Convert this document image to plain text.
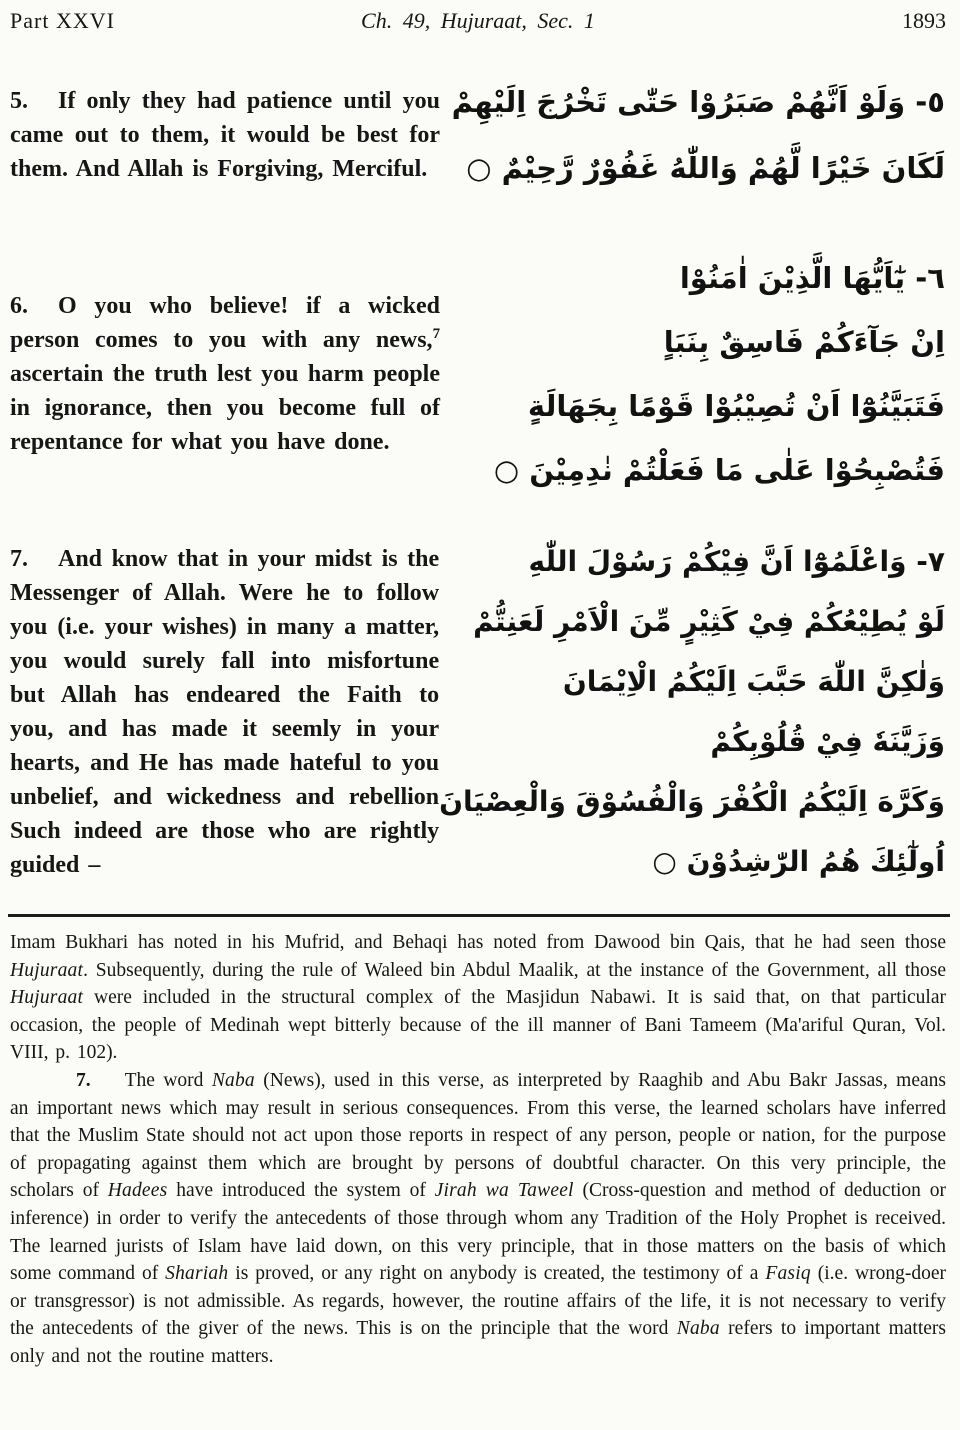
Part XXVI	Ch. 49, Hujuraat, Sec. 1	1893

5. If only they had patience until you came out to them, it would be best for them. And Allah is Forgiving, Merciful.

٥- وَلَوْ اَنَّهُمْ صَبَرُوْا حَتّٰى تَخْرُجَ اِلَيْهِمْ
لَكَانَ خَيْرًا لَّهُمْ وَاللّٰهُ غَفُوْرٌ رَّحِيْمٌ ○

6. O you who believe! if a wicked person comes to you with any news,$^7$ ascertain the truth lest you harm people in ignorance, then you become full of repentance for what you have done.

٦- يٰٓاَيُّهَا الَّذِيْنَ اٰمَنُوْا
اِنْ جَآءَكُمْ فَاسِقٌ بِنَبَاٍ
فَتَبَيَّنُوْٓا اَنْ تُصِيْبُوْا قَوْمًا بِجَهَالَةٍ
فَتُصْبِحُوْا عَلٰى مَا فَعَلْتُمْ نٰدِمِيْنَ ○

7. And know that in your midst is the Messenger of Allah. Were he to follow you (i.e. your wishes) in many a matter, you would surely fall into misfortune but Allah has endeared the Faith to you, and has made it seemly in your hearts, and He has made hateful to you unbelief, and wickedness and rebellion Such indeed are those who are rightly guided –

٧- وَاعْلَمُوْٓا اَنَّ فِيْكُمْ رَسُوْلَ اللّٰهِ
لَوْ يُطِيْعُكُمْ فِيْ كَثِيْرٍ مِّنَ الْاَمْرِ لَعَنِتُّمْ
وَلٰكِنَّ اللّٰهَ حَبَّبَ اِلَيْكُمُ الْاِيْمَانَ
وَزَيَّنَهٗ فِيْ قُلُوْبِكُمْ
وَكَرَّهَ اِلَيْكُمُ الْكُفْرَ وَالْفُسُوْقَ وَالْعِصْيَانَ
اُولٰٓئِكَ هُمُ الرّٰشِدُوْنَ ○

Imam Bukhari has noted in his Mufrid, and Behaqi has noted from Dawood bin Qais, that he had seen those Hujuraat. Subsequently, during the rule of Waleed bin Abdul Maalik, at the instance of the Government, all those Hujuraat were included in the structural complex of the Masjidun Nabawi. It is said that, on that particular occasion, the people of Medinah wept bitterly because of the ill manner of Bani Tameem (Ma'ariful Quran, Vol. VIII, p. 102).

7. The word Naba (News), used in this verse, as interpreted by Raaghib and Abu Bakr Jassas, means an important news which may result in serious consequences. From this verse, the learned scholars have inferred that the Muslim State should not act upon those reports in respect of any person, people or nation, for the purpose of propagating against them which are brought by persons of doubtful character. On this very principle, the scholars of Hadees have introduced the system of Jirah wa Taweel (Cross-question and method of deduction or inference) in order to verify the antecedents of those through whom any Tradition of the Holy Prophet is received. The learned jurists of Islam have laid down, on this very principle, that in those matters on the basis of which some command of Shariah is proved, or any right on anybody is created, the testimony of a Fasiq (i.e. wrong-doer or transgressor) is not admissible. As regards, however, the routine affairs of the life, it is not necessary to verify the antecedents of the giver of the news. This is on the principle that the word Naba refers to important matters only and not the routine matters.
